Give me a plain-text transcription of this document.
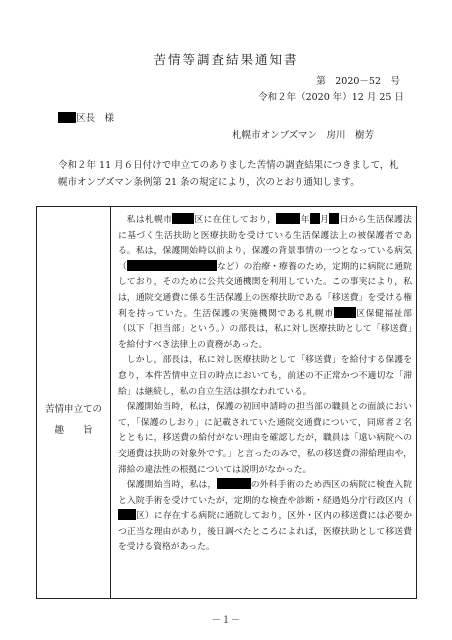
苦情等調査結果通知書
第　2020－52　号
令和２年（2020 年）12 月 25 日
区長　様
札幌市オンブズマン　房川　樹芳
令和２年 11 月６日付けで申立てのありました苦情の調査結果につきまして，札幌市オンブズマン条例第 21 条の規定により，次のとおり通知します。
苦情申立ての
趣　　旨

私は札幌市	区に在住しており，	年 月 日から生活保護法に基づく生活扶助と医療扶助を受けている生活保護法上の被保護者である。私は，保護開始時以前より，保護の背景事情の一つとなっている病気（	など）の治療・療養のため，定期的に病院に通院しており，そのために公共交通機関を利用していた。この事実により，私は，通院交通費に係る生活保護上の医療扶助である「移送費」を受ける権利を持っていた。生活保護の実施機関である札幌市	区保健福祉部（以下「担当部」という。）の部長は，私に対し医療扶助として「移送費」を給付すべき法律上の責務があった。

しかし，部長は，私に対し医療扶助として「移送費」を給付する保護を怠り，本件苦情申立日の時点においても，前述の不正常かつ不適切な「滞給」は継続し，私の自立生活は損なわれている。

保護開始当時，私は，保護の初回申請時の担当部の職員との面談において，「保護のしおり」に記載されていた通院交通費について，同席者２名とともに，移送費の給付がない理由を確認したが，職員は「遠い病院への交通費は扶助の対象外です。」と言ったのみで，私の移送費の滞給理由や，滞給の違法性の根拠については説明がなかった。

保護開始当時，私は，	の外科手術のため西区の病院に検査入院と入院手術を受けていたが，定期的な検査や診断・経過処分庁行政区内（区）に存在する病院に通院しており，区外・区内の移送費には必要かつ正当な理由があり，後日調べたところによれば，医療扶助として移送費を受ける資格があった。

－１－
